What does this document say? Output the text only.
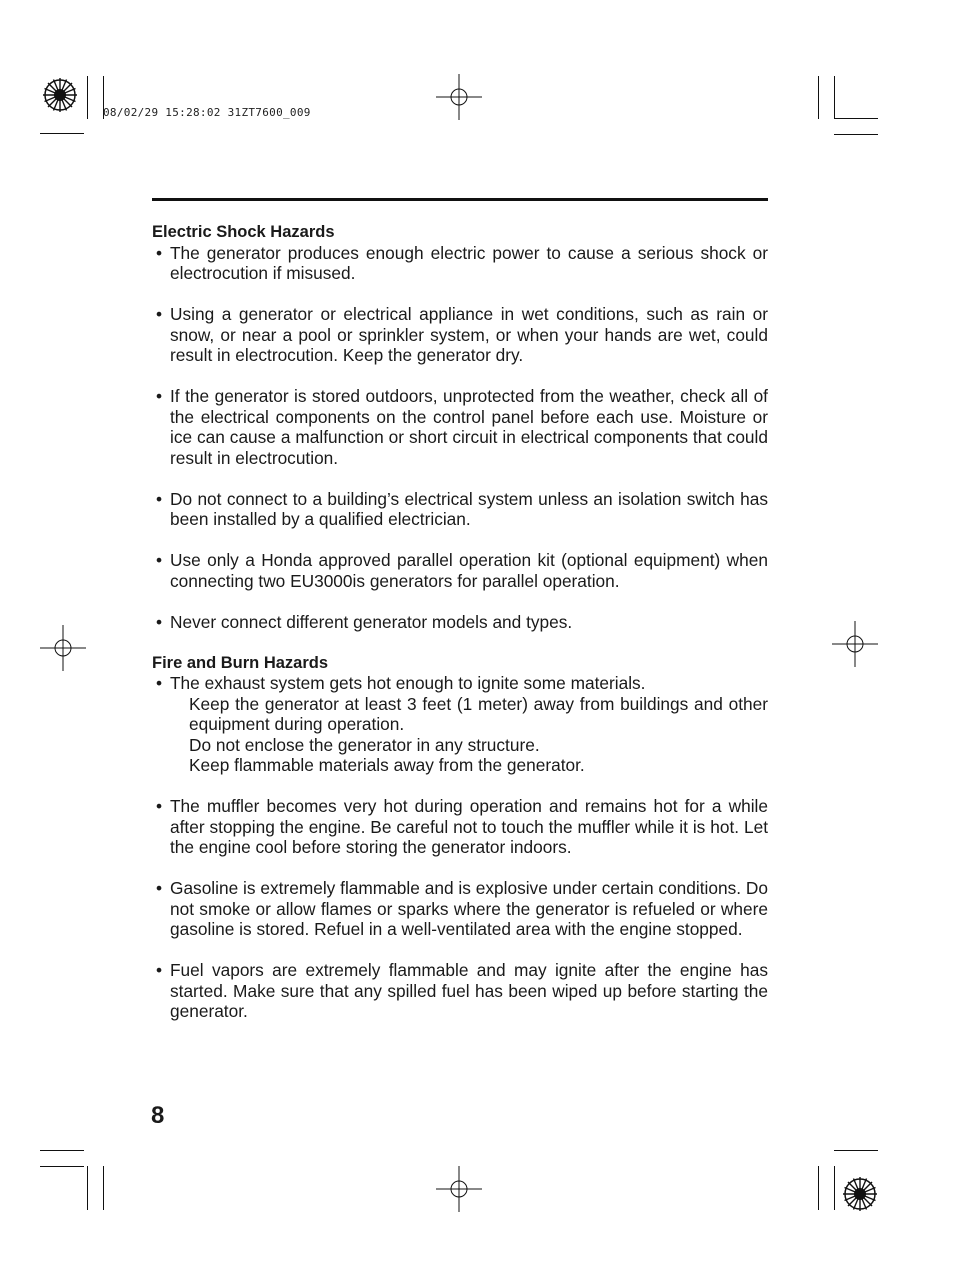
08/02/29 15:28:02 31ZT7600_009

Electric Shock Hazards

• The generator produces enough electric power to cause a serious shock or electrocution if misused.

• Using a generator or electrical appliance in wet conditions, such as rain or snow, or near a pool or sprinkler system, or when your hands are wet, could result in electrocution. Keep the generator dry.

• If the generator is stored outdoors, unprotected from the weather, check all of the electrical components on the control panel before each use. Moisture or ice can cause a malfunction or short circuit in electrical components that could result in electrocution.

• Do not connect to a building’s electrical system unless an isolation switch has been installed by a qualified electrician.

• Use only a Honda approved parallel operation kit (optional equipment) when connecting two EU3000is generators for parallel operation.

• Never connect different generator models and types.

Fire and Burn Hazards

• The exhaust system gets hot enough to ignite some materials.

Keep the generator at least 3 feet (1 meter) away from buildings and other equipment during operation.

Do not enclose the generator in any structure.

Keep flammable materials away from the generator.

• The muffler becomes very hot during operation and remains hot for a while after stopping the engine. Be careful not to touch the muffler while it is hot. Let the engine cool before storing the generator indoors.

• Gasoline is extremely flammable and is explosive under certain conditions. Do not smoke or allow flames or sparks where the generator is refueled or where gasoline is stored. Refuel in a well-ventilated area with the engine stopped.

• Fuel vapors are extremely flammable and may ignite after the engine has started. Make sure that any spilled fuel has been wiped up before starting the generator.

8
